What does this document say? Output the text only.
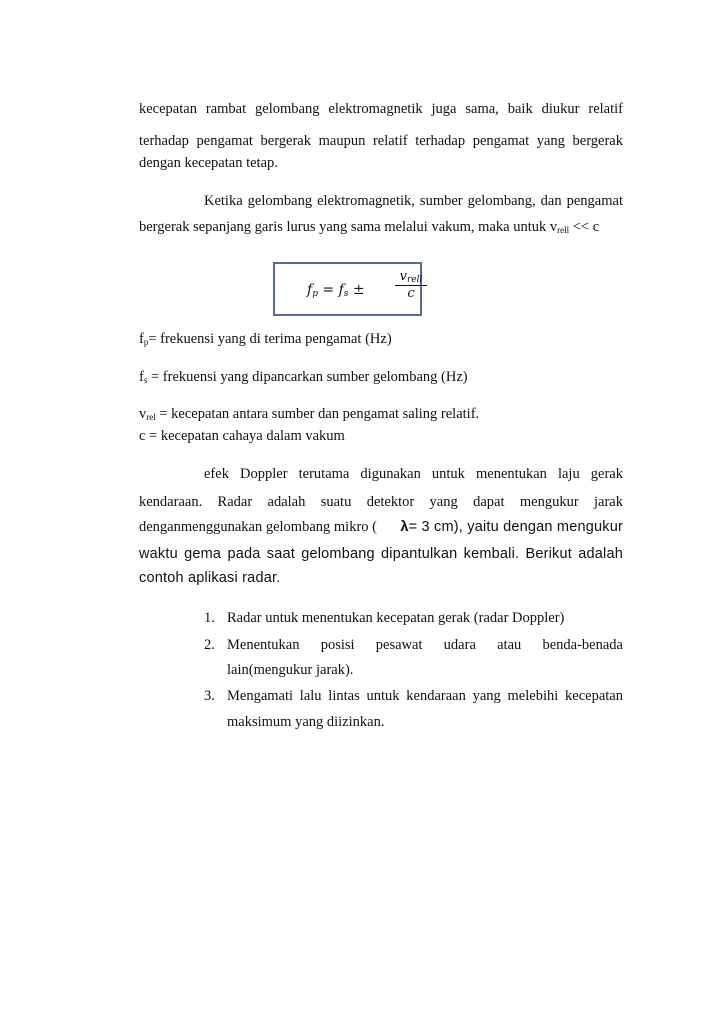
kecepatan rambat gelombang elektromagnetik juga sama, baik diukur relatif
terhadap pengamat bergerak maupun relatif terhadap pengamat yang bergerak
dengan kecepatan tetap.
Ketika gelombang elektromagnetik, sumber gelombang, dan pengamat
bergerak sepanjang garis lurus yang sama melalui vakum, maka untuk $v_{rell} << c$
$f_p = f_s$ ±
$v_{rell}$
c
$f_p=$ frekuensi yang di terima pengamat (Hz)
$f_s$ = frekuensi yang dipancarkan sumber gelombang (Hz)
$v_{rel}$ = kecepatan antara sumber dan pengamat saling relatif.
c = kecepatan cahaya dalam vakum
efek Doppler terutama digunakan untuk menentukan laju gerak
kendaraan. Radar adalah suatu detektor yang dapat mengukur jarak
denganmenggunakan gelombang mikro ( λ= 3 cm), yaitu dengan mengukur
waktu gema pada saat gelombang dipantulkan kembali. Berikut adalah
contoh aplikasi radar.
1. Radar untuk menentukan kecepatan gerak (radar Doppler)
2. Menentukan posisi pesawat udara atau benda-benada
lain(mengukur jarak).
3. Mengamati lalu lintas untuk kendaraan yang melebihi kecepatan
maksimum yang diizinkan.
